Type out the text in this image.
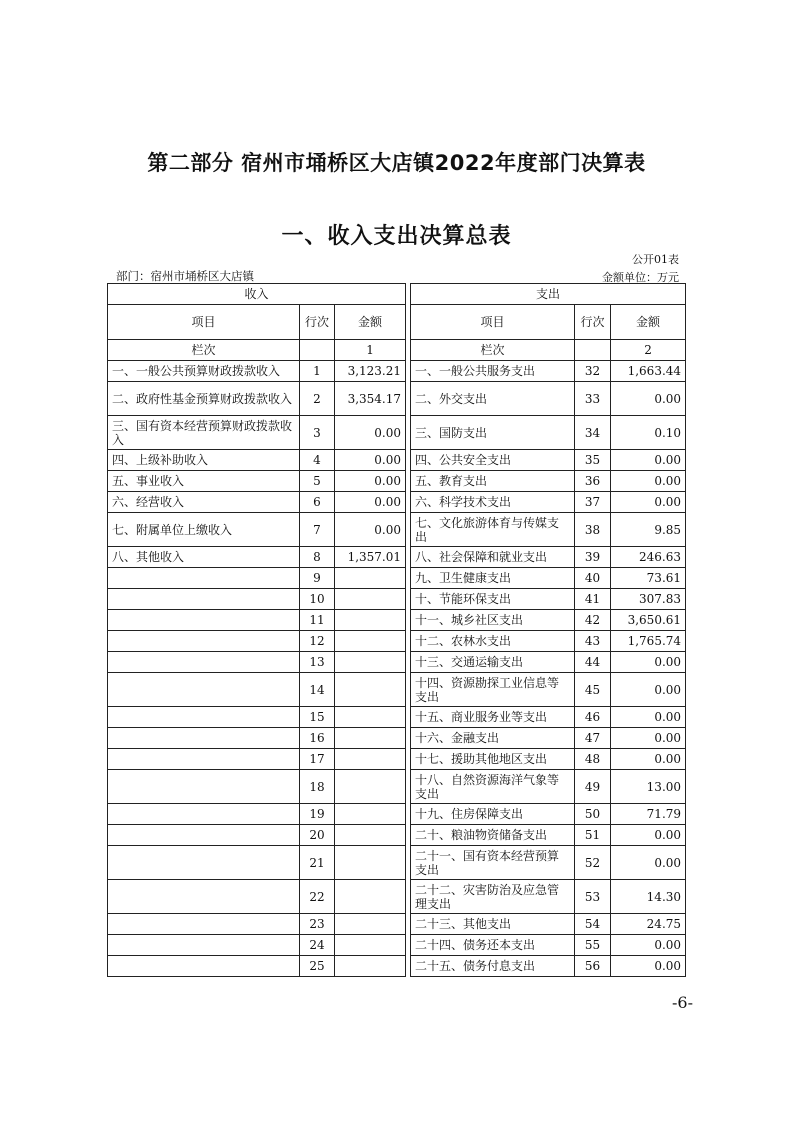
第二部分 宿州市埇桥区大店镇2022年度部门决算表
一、收入支出决算总表
公开01表
部门：宿州市埇桥区大店镇	金额单位：万元
收入				支出		
项目	行次	金额		项目	行次	金额
栏次		1		栏次		2

一、一般公共预算财政拨款收入	1	3,123.21		一、一般公共服务支出	32	1,663.44

二、政府性基金预算财政拨款收入	2	3,354.17		二、外交支出	33	0.00

三、国有资本经营预算财政拨款收入	3	0.00		三、国防支出	34	0.10

四、上级补助收入	4	0.00		四、公共安全支出	35	0.00

五、事业收入	5	0.00		五、教育支出	36	0.00

六、经营收入	6	0.00		六、科学技术支出	37	0.00

七、附属单位上缴收入	7	0.00		七、文化旅游体育与传媒支出	38	9.85

八、其他收入	8	1,357.01		八、社会保障和就业支出	39	246.63

	9			九、卫生健康支出	40	73.61

	10			十、节能环保支出	41	307.83

	11			十一、城乡社区支出	42	3,650.61

	12			十二、农林水支出	43	1,765.74

	13			十三、交通运输支出	44	0.00

	14			十四、资源勘探工业信息等支出	45	0.00

	15			十五、商业服务业等支出	46	0.00

	16			十六、金融支出	47	0.00

	17			十七、援助其他地区支出	48	0.00

	18			十八、自然资源海洋气象等支出	49	13.00

	19			十九、住房保障支出	50	71.79

	20			二十、粮油物资储备支出	51	0.00

	21			二十一、国有资本经营预算支出	52	0.00

	22			二十二、灾害防治及应急管理支出	53	14.30

	23			二十三、其他支出	54	24.75

	24			二十四、债务还本支出	55	0.00

	25			二十五、债务付息支出	56	0.00
-6-
